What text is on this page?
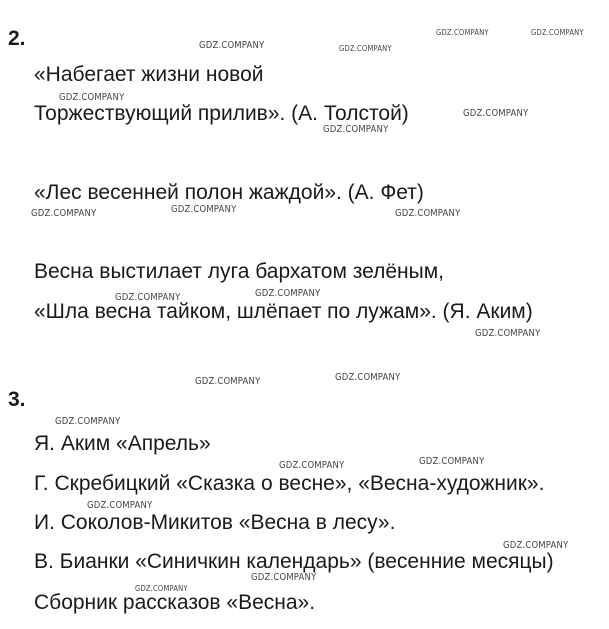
2.
«Набегает жизни новой
Торжествующий прилив». (А. Толстой)
«Лес весенней полон жаждой». (А. Фет)
Весна выстилает луга бархатом зелёным,
«Шла весна тайком, шлёпает по лужам». (Я. Аким)
3.
Я. Аким «Апрель»
Г. Скребицкий «Сказка о весне», «Весна-художник».
И. Соколов-Микитов «Весна в лесу».
В. Бианки «Синичкин календарь» (весенние месяцы)
Сборник рассказов «Весна».
GDZ.COMPANY	GDZ.COMPANY
GDZ.COMPANY	GDZ.COMPANY
GDZ.COMPANY
GDZ.COMPANY
GDZ.COMPANY
GDZ.COMPANY
GDZ.COMPANY	GDZ.COMPANY
GDZ.COMPANY
GDZ.COMPANY
GDZ.COMPANY
GDZ.COMPANY
GDZ.COMPANY
GDZ.COMPANY
GDZ.COMPANY
GDZ.COMPANY
GDZ.COMPANY
GDZ.COMPANY
GDZ.COMPANY
GDZ.COMPANY
